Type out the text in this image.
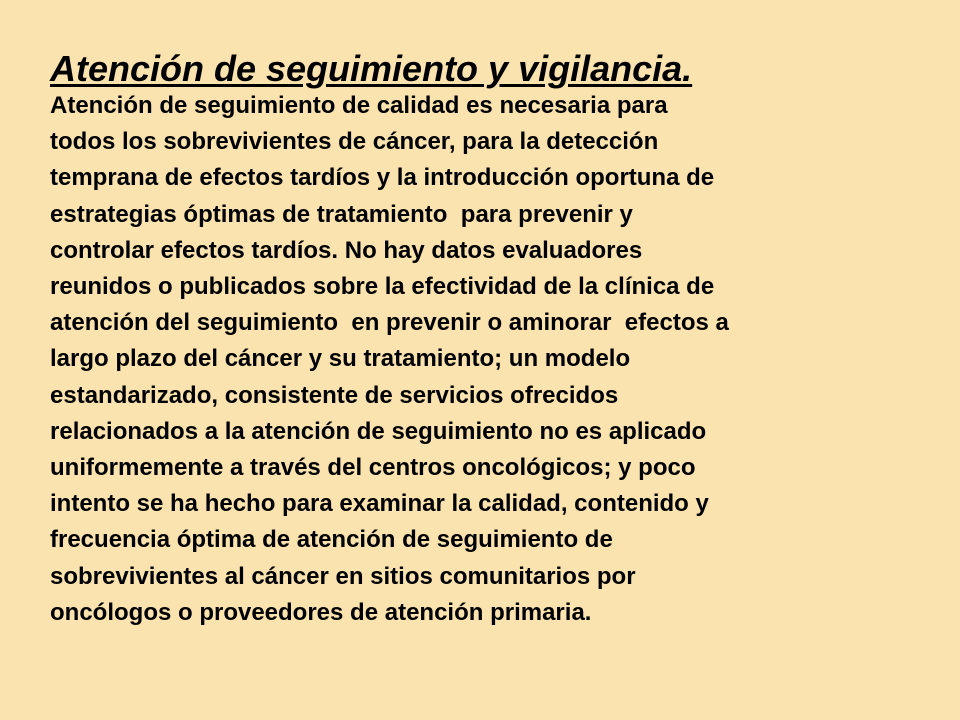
Atención de seguimiento y vigilancia.
Atención de seguimiento de calidad es necesaria para
todos los sobrevivientes de cáncer, para la detección
temprana de efectos tardíos y la introducción oportuna de
estrategias óptimas de tratamiento  para prevenir y
controlar efectos tardíos. No hay datos evaluadores
reunidos o publicados sobre la efectividad de la clínica de
atención del seguimiento  en prevenir o aminorar  efectos a
largo plazo del cáncer y su tratamiento; un modelo
estandarizado, consistente de servicios ofrecidos
relacionados a la atención de seguimiento no es aplicado
uniformemente a través del centros oncológicos; y poco
intento se ha hecho para examinar la calidad, contenido y
frecuencia óptima de atención de seguimiento de
sobrevivientes al cáncer en sitios comunitarios por
oncólogos o proveedores de atención primaria.
